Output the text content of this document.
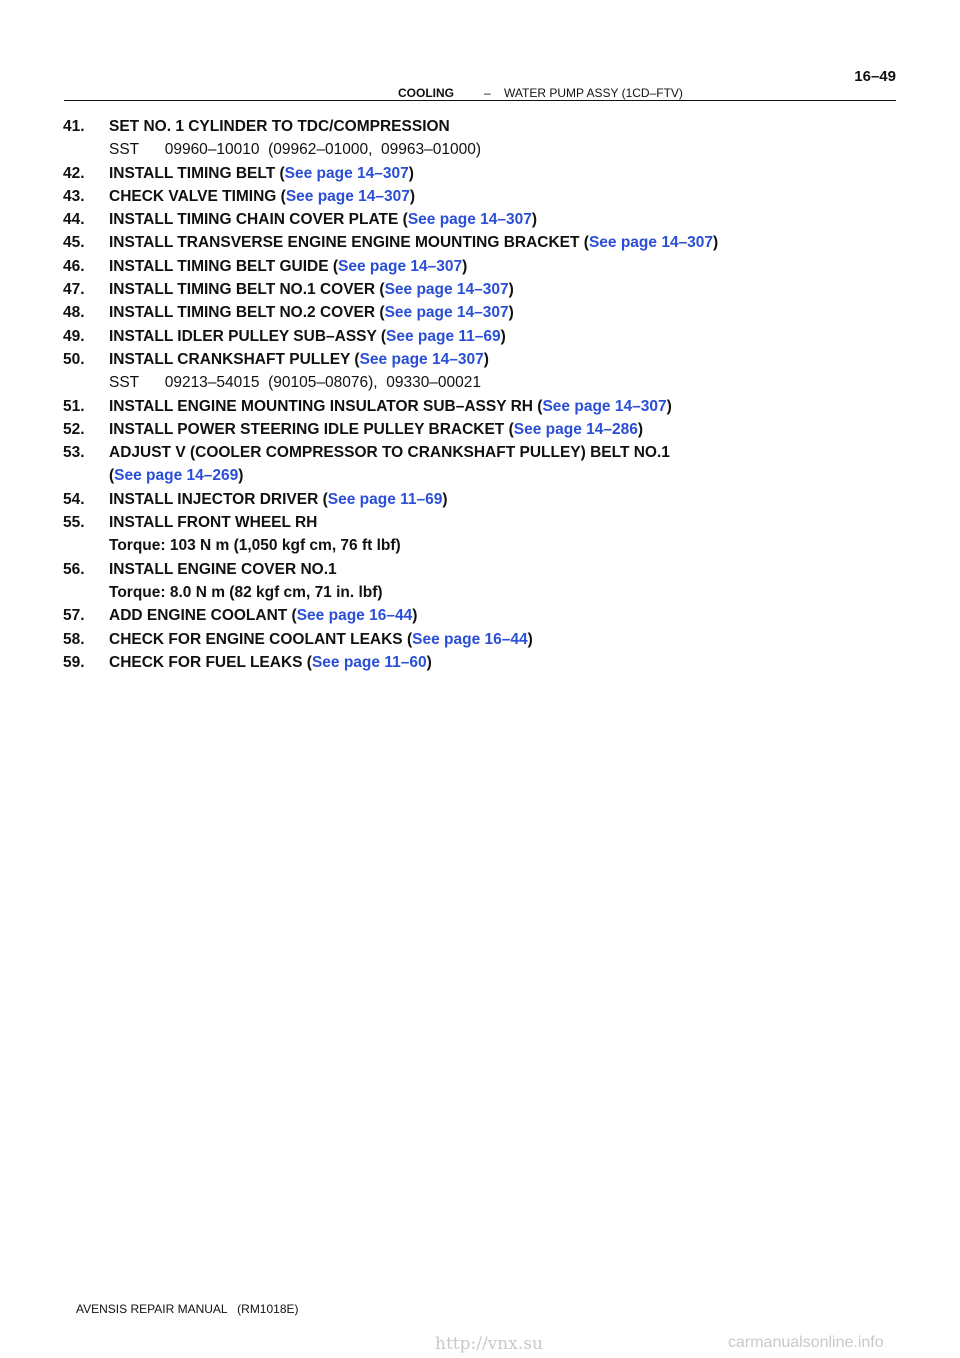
COOLING	– WATER PUMP ASSY (1CD–FTV)
16–49
41. SET NO. 1 CYLINDER TO TDC/COMPRESSION
SST      09960–10010  (09962–01000,  09963–01000)
42. INSTALL TIMING BELT (See page 14–307)
43. CHECK VALVE TIMING (See page 14–307)
44. INSTALL TIMING CHAIN COVER PLATE (See page 14–307)
45. INSTALL TRANSVERSE ENGINE ENGINE MOUNTING BRACKET (See page 14–307)
46. INSTALL TIMING BELT GUIDE (See page 14–307)
47. INSTALL TIMING BELT NO.1 COVER (See page 14–307)
48. INSTALL TIMING BELT NO.2 COVER (See page 14–307)
49. INSTALL IDLER PULLEY SUB–ASSY (See page 11–69)
50. INSTALL CRANKSHAFT PULLEY (See page 14–307)
SST      09213–54015  (90105–08076),  09330–00021
51. INSTALL ENGINE MOUNTING INSULATOR SUB–ASSY RH (See page 14–307)
52. INSTALL POWER STEERING IDLE PULLEY BRACKET (See page 14–286)
53. ADJUST V (COOLER COMPRESSOR TO CRANKSHAFT PULLEY) BELT NO.1
(See page 14–269)
54. INSTALL INJECTOR DRIVER (See page 11–69)
55. INSTALL FRONT WHEEL RH
Torque: 103 N m (1,050 kgf cm, 76 ft lbf)
56. INSTALL ENGINE COVER NO.1
Torque: 8.0 N m (82 kgf cm, 71 in. lbf)
57. ADD ENGINE COOLANT (See page 16–44)
58. CHECK FOR ENGINE COOLANT LEAKS (See page 16–44)
59. CHECK FOR FUEL LEAKS (See page 11–60)
AVENSIS REPAIR MANUAL   (RM1018E)
http://vnx.su	carmanualsonline.info
